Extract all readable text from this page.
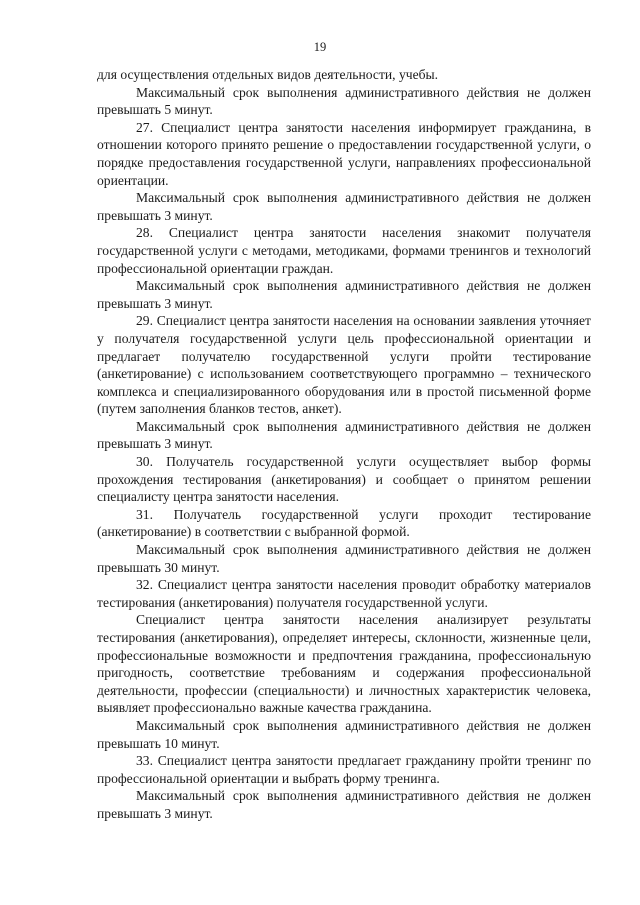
19

для осуществления отдельных видов деятельности, учебы.

Максимальный срок выполнения административного действия не должен превышать 5 минут.

27. Специалист центра занятости населения информирует гражданина, в отношении которого принято решение о предоставлении государственной услуги, о порядке предоставления государственной услуги, направлениях профессиональной ориентации.

Максимальный срок выполнения административного действия не должен превышать 3 минут.

28. Специалист центра занятости населения знакомит получателя государственной услуги с методами, методиками, формами тренингов и технологий профессиональной ориентации граждан.

Максимальный срок выполнения административного действия не должен превышать 3 минут.

29. Специалист центра занятости населения на основании заявления уточняет у получателя государственной услуги цель профессиональной ориентации и предлагает получателю государственной услуги пройти тестирование (анкетирование) с использованием соответствующего программно – технического комплекса и специализированного оборудования или в простой письменной форме (путем заполнения бланков тестов, анкет).

Максимальный срок выполнения административного действия не должен превышать 3 минут.

30. Получатель государственной услуги осуществляет выбор формы прохождения тестирования (анкетирования) и сообщает о принятом решении специалисту центра занятости населения.

31. Получатель государственной услуги проходит тестирование (анкетирование) в соответствии с выбранной формой.

Максимальный срок выполнения административного действия не должен превышать 30 минут.

32. Специалист центра занятости населения проводит обработку материалов тестирования (анкетирования) получателя государственной услуги.

Специалист центра занятости населения анализирует результаты тестирования (анкетирования), определяет интересы, склонности, жизненные цели, профессиональные возможности и предпочтения гражданина, профессиональную пригодность, соответствие требованиям и содержания профессиональной деятельности, профессии (специальности) и личностных характеристик человека, выявляет профессионально важные качества гражданина.

Максимальный срок выполнения административного действия не должен превышать 10 минут.

33. Специалист центра занятости предлагает гражданину пройти тренинг по профессиональной ориентации и выбрать форму тренинга.

Максимальный срок выполнения административного действия не должен превышать 3 минут.
